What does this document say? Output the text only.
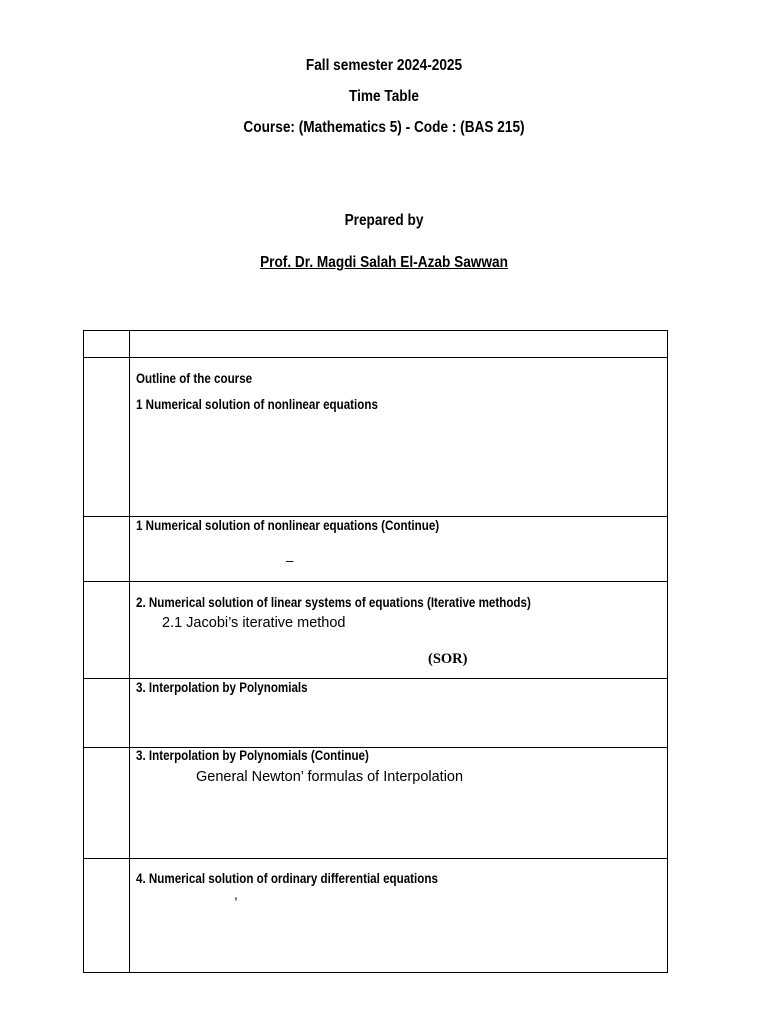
Fall semester 2024-2025
Time Table
Course: (Mathematics 5) - Code : (BAS 215)
Prepared by
Prof. Dr. Magdi Salah El-Azab Sawwan

	Outline of the course
1 Numerical solution of nonlinear equations

	1 Numerical solution of nonlinear equations (Continue)
–

	2. Numerical solution of linear systems of equations (Iterative methods)
2.1 Jacobi’s iterative method
(SOR)

	3. Interpolation by Polynomials

	3. Interpolation by Polynomials (Continue)
General Newton’ formulas of Interpolation

	4. Numerical solution of ordinary differential equations
,
